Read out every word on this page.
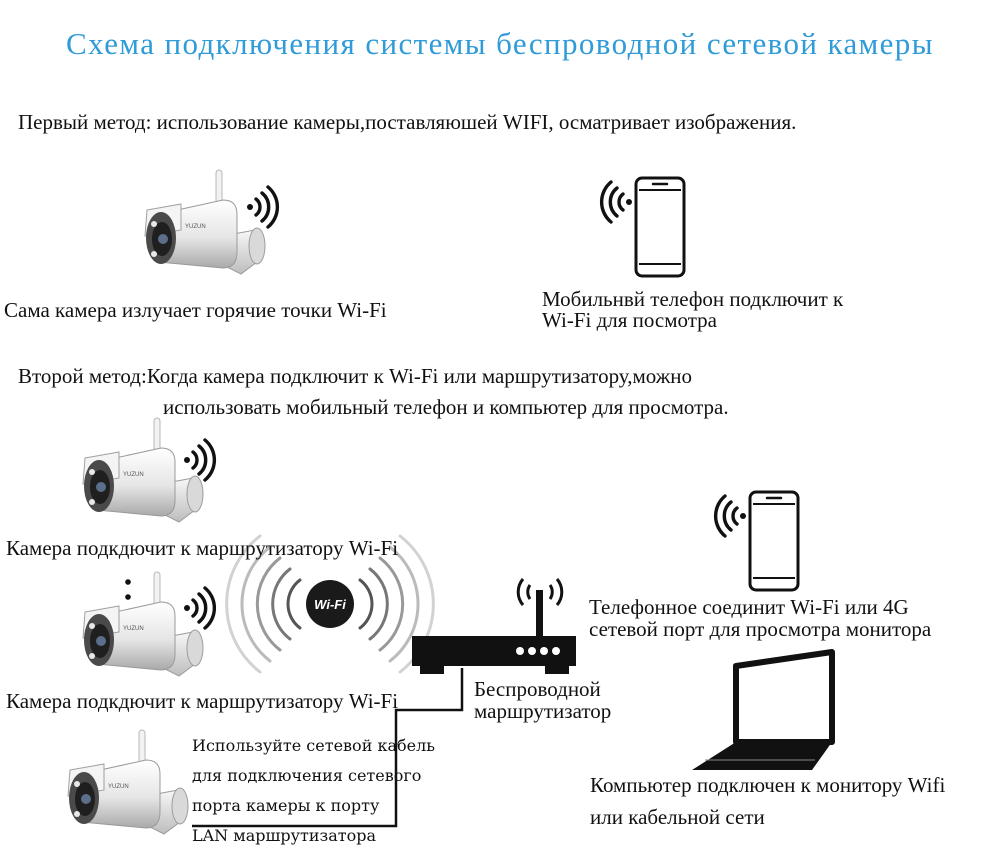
YUZUN
Wi-Fi
Схема подключения системы беспроводной сетевой камеры
Первый метод: использование камеры,поставляюшей WIFI, осматривает изображения.
Сама камера излучает горячие точки Wi-Fi	Мобильнвй телефон подключит к
Wi-Fi для посмотра
Второй метод:Когда камера подключит к Wi-Fi или маршрутизатору,можно
использовать мобильный телефон и компьютер для просмотра.
Камера подкдючит к маршрутизатору Wi-Fi
Камера подкдючит к маршрутизатору Wi-Fi	Беспроводной
маршрутизатор
Используйте сетевой кабель
для подключения сетевого
порта камеры к порту
LAN маршрутизатора
Телефонное соединит Wi-Fi или 4G
сетевой порт для просмотра монитора
Компьютер подключен к монитору Wifi
или кабельной сети
